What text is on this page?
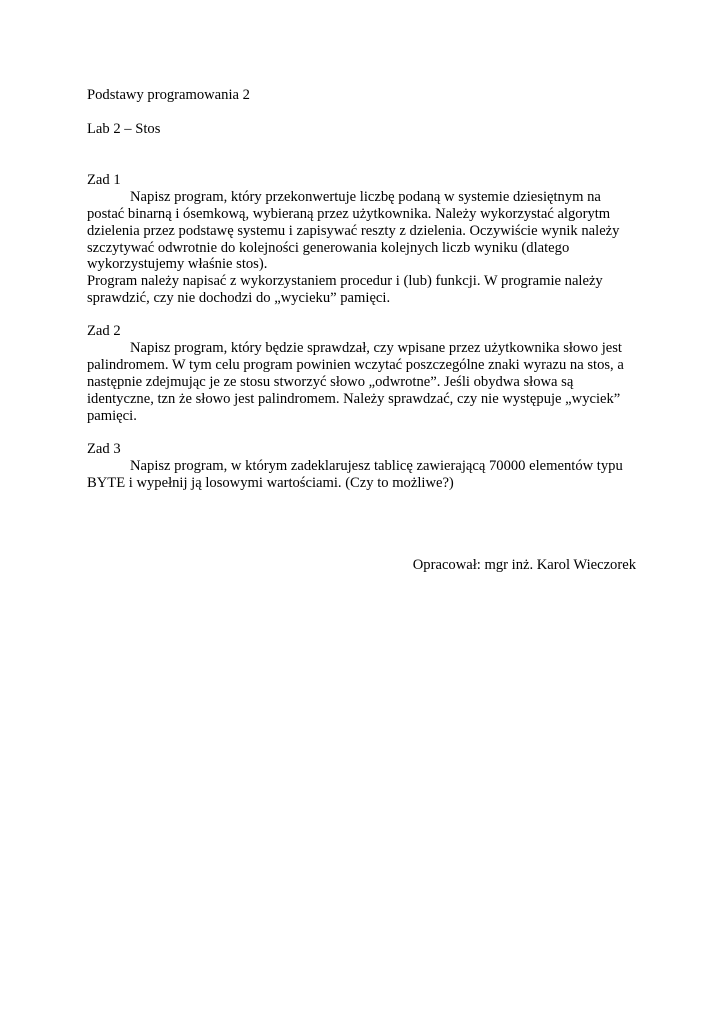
Podstawy programowania 2
Lab 2 – Stos
Zad 1
Napisz program, który przekonwertuje liczbę podaną w systemie dziesiętnym na
postać binarną i ósemkową, wybieraną przez użytkownika. Należy wykorzystać algorytm
dzielenia przez podstawę systemu i zapisywać reszty z dzielenia. Oczywiście wynik należy
szczytywać odwrotnie do kolejności generowania kolejnych liczb wyniku (dlatego
wykorzystujemy właśnie stos).
Program należy napisać z wykorzystaniem procedur i (lub) funkcji. W programie należy
sprawdzić, czy nie dochodzi do „wycieku” pamięci.
Zad 2
Napisz program, który będzie sprawdzał, czy wpisane przez użytkownika słowo jest
palindromem. W tym celu program powinien wczytać poszczególne znaki wyrazu na stos, a
następnie zdejmując je ze stosu stworzyć słowo „odwrotne”. Jeśli obydwa słowa są
identyczne, tzn że słowo jest palindromem. Należy sprawdzać, czy nie występuje „wyciek”
pamięci.
Zad 3
Napisz program, w którym zadeklarujesz tablicę zawierającą 70000 elementów typu
BYTE i wypełnij ją losowymi wartościami. (Czy to możliwe?)
Opracował: mgr inż. Karol Wieczorek
